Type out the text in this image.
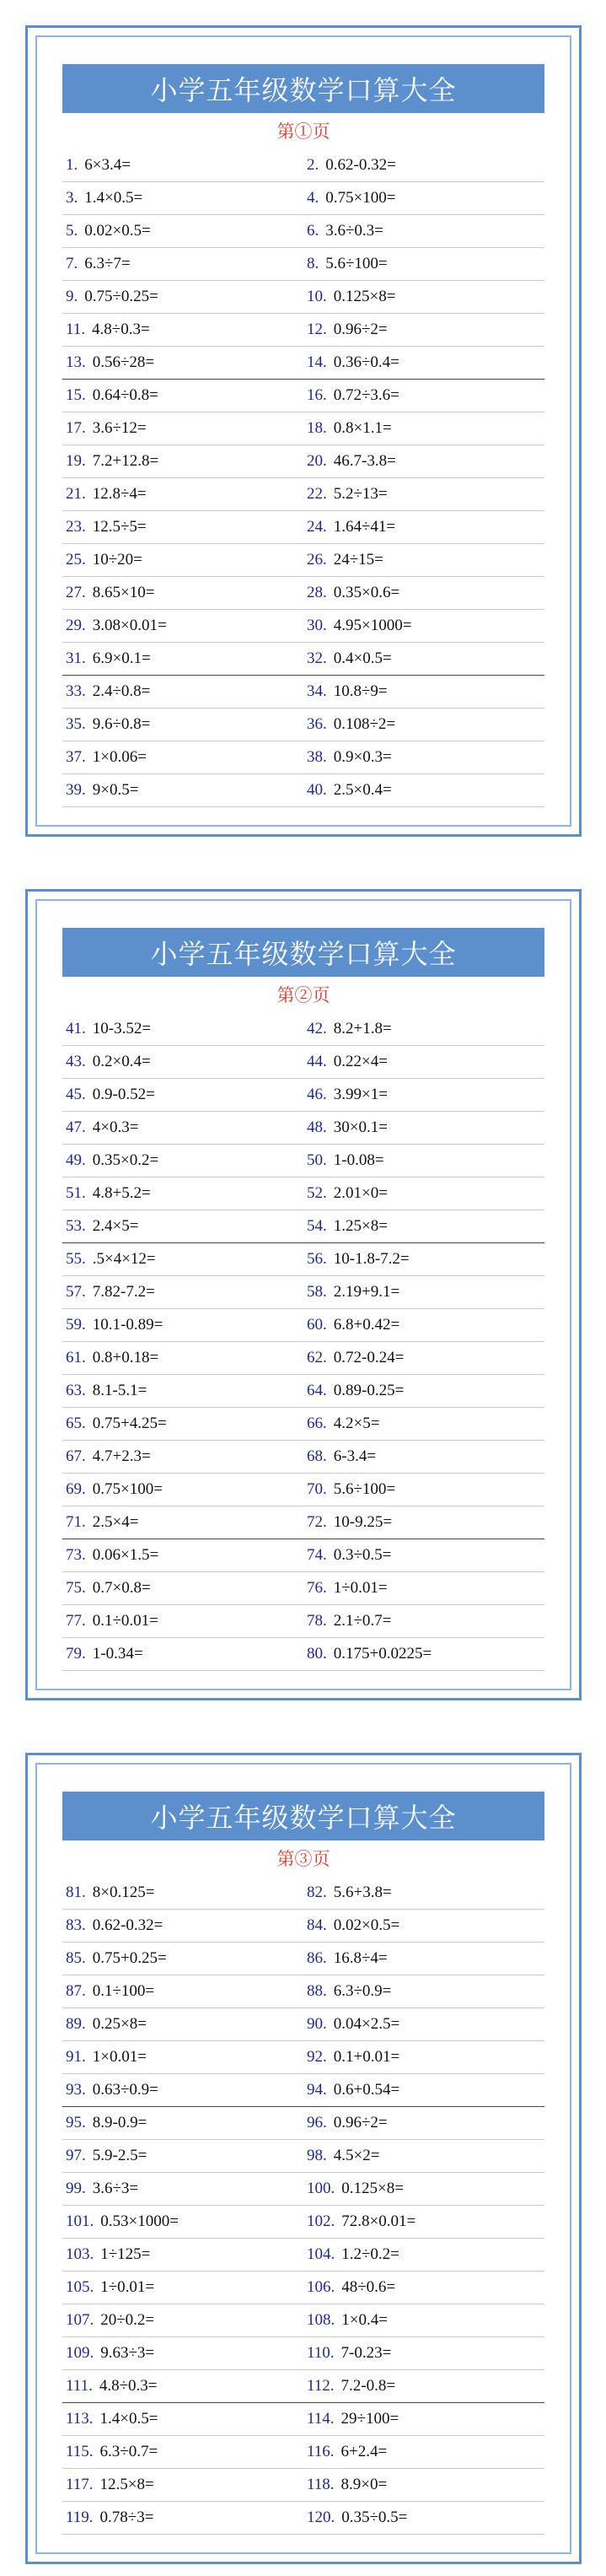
小学五年级数学口算大全
第①页
1. 6×3.4=	2. 0.62-0.32=
3. 1.4×0.5=	4. 0.75×100=
5. 0.02×0.5=	6. 3.6÷0.3=
7. 6.3÷7=	8. 5.6÷100=
9. 0.75÷0.25=	10. 0.125×8=
11. 4.8÷0.3=	12. 0.96÷2=
13. 0.56÷28=	14. 0.36÷0.4=
15. 0.64÷0.8=	16. 0.72÷3.6=
17. 3.6÷12=	18. 0.8×1.1=
19. 7.2+12.8=	20. 46.7-3.8=
21. 12.8÷4=	22. 5.2÷13=
23. 12.5÷5=	24. 1.64÷41=
25. 10÷20=	26. 24÷15=
27. 8.65×10=	28. 0.35×0.6=
29. 3.08×0.01=	30. 4.95×1000=
31. 6.9×0.1=	32. 0.4×0.5=
33. 2.4÷0.8=	34. 10.8÷9=
35. 9.6÷0.8=	36. 0.108÷2=
37. 1×0.06=	38. 0.9×0.3=
39. 9×0.5=	40. 2.5×0.4=
小学五年级数学口算大全
第②页
41. 10-3.52=	42. 8.2+1.8=
43. 0.2×0.4=	44. 0.22×4=
45. 0.9-0.52=	46. 3.99×1=
47. 4×0.3=	48. 30×0.1=
49. 0.35×0.2=	50. 1-0.08=
51. 4.8+5.2=	52. 2.01×0=
53. 2.4×5=	54. 1.25×8=
55. .5×4×12=	56. 10-1.8-7.2=
57. 7.82-7.2=	58. 2.19+9.1=
59. 10.1-0.89=	60. 6.8+0.42=
61. 0.8+0.18=	62. 0.72-0.24=
63. 8.1-5.1=	64. 0.89-0.25=
65. 0.75+4.25=	66. 4.2×5=
67. 4.7+2.3=	68. 6-3.4=
69. 0.75×100=	70. 5.6÷100=
71. 2.5×4=	72. 10-9.25=
73. 0.06×1.5=	74. 0.3÷0.5=
75. 0.7×0.8=	76. 1÷0.01=
77. 0.1÷0.01=	78. 2.1÷0.7=
79. 1-0.34=	80. 0.175+0.0225=
小学五年级数学口算大全
第③页
81. 8×0.125=	82. 5.6+3.8=
83. 0.62-0.32=	84. 0.02×0.5=
85. 0.75+0.25=	86. 16.8÷4=
87. 0.1÷100=	88. 6.3÷0.9=
89. 0.25×8=	90. 0.04×2.5=
91. 1×0.01=	92. 0.1+0.01=
93. 0.63÷0.9=	94. 0.6+0.54=
95. 8.9-0.9=	96. 0.96÷2=
97. 5.9-2.5=	98. 4.5×2=
99. 3.6÷3=	100. 0.125×8=
101. 0.53×1000=	102. 72.8×0.01=
103. 1÷125=	104. 1.2÷0.2=
105. 1÷0.01=	106. 48÷0.6=
107. 20÷0.2=	108. 1×0.4=
109. 9.63÷3=	110. 7-0.23=
111. 4.8÷0.3=	112. 7.2-0.8=
113. 1.4×0.5=	114. 29÷100=
115. 6.3÷0.7=	116. 6+2.4=
117. 12.5×8=	118. 8.9×0=
119. 0.78÷3=	120. 0.35÷0.5=
